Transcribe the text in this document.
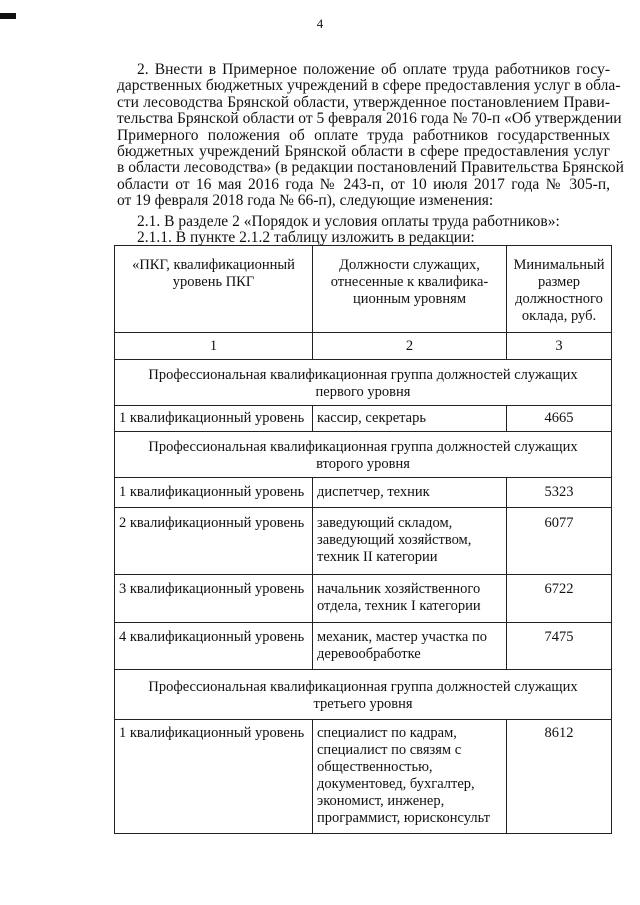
4
2. Внести в Примерное положение об оплате труда работников госу-
дарственных бюджетных учреждений в сфере предоставления услуг в обла-
сти лесоводства Брянской области, утвержденное постановлением Прави-
тельства Брянской области от 5 февраля 2016 года № 70-п «Об утверждении
Примерного положения об оплате труда работников государственных
бюджетных учреждений Брянской области в сфере предоставления услуг
в области лесоводства» (в редакции постановлений Правительства Брянской
области от 16 мая 2016 года № 243-п, от 10 июля 2017 года № 305-п,
от 19 февраля 2018 года № 66-п), следующие изменения:
2.1. В разделе 2 «Порядок и условия оплаты труда работников»:
2.1.1. В пункте 2.1.2 таблицу изложить в редакции:
«ПКГ, квалификационный уровень ПКГ	Должности служащих, отнесенные к квалифика- ционным уровням	Минимальный размер должностного оклада, руб.
1	2	3
Профессиональная квалификационная группа должностей служащих первого уровня		
1 квалификационный уровень	кассир, секретарь	4665
Профессиональная квалификационная группа должностей служащих второго уровня		
1 квалификационный уровень	диспетчер, техник	5323
2 квалификационный уровень	заведующий складом, заведующий хозяйством, техник II категории	6077
3 квалификационный уровень	начальник хозяйственного отдела, техник I категории	6722
4 квалификационный уровень	механик, мастер участка по деревообработке	7475
Профессиональная квалификационная группа должностей служащих третьего уровня		
1 квалификационный уровень	специалист по кадрам, специалист по связям с общественностью, документовед, бухгалтер, экономист, инженер, программист, юрисконсульт	8612
